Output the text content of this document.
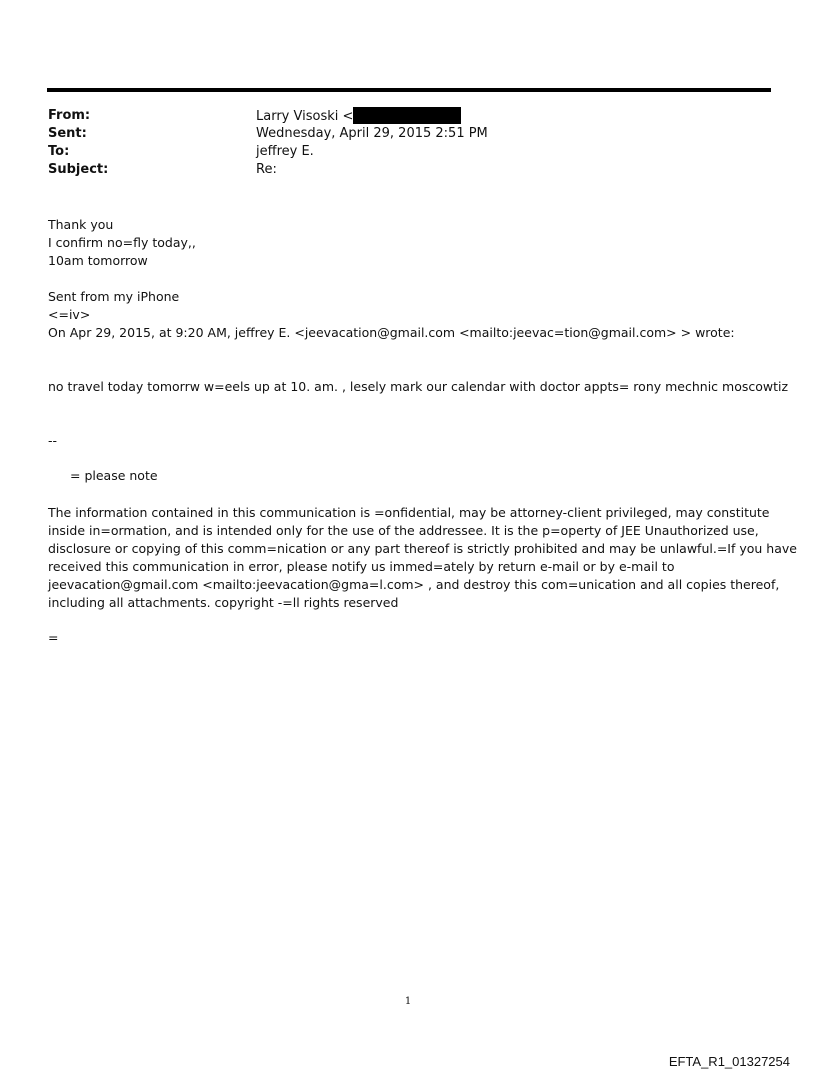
From:	Larry Visoski <
Sent:	Wednesday, April 29, 2015 2:51 PM
To:	jeffrey E.
Subject:	Re:
Thank you
I confirm no=fly today,,
10am tomorrow
Sent from my iPhone
<=iv>
On Apr 29, 2015, at 9:20 AM, jeffrey E. <jeevacation@gmail.com <mailto:jeevac=tion@gmail.com> > wrote:
no travel today tomorrw w=eels up at 10. am. , lesely mark our calendar with doctor appts= rony mechnic moscowtiz
--
= please note
The information contained in this communication is =onfidential, may be attorney-client privileged, may constitute
inside in=ormation, and is intended only for the use of the addressee. It is the p=operty of JEE Unauthorized use,
disclosure or copying of this comm=nication or any part thereof is strictly prohibited and may be unlawful.=If you have
received this communication in error, please notify us immed=ately by return e-mail or by e-mail to
jeevacation@gmail.com <mailto:jeevacation@gma=l.com> , and destroy this com=unication and all copies thereof,
including all attachments. copyright -=ll rights reserved
=
1
EFTA_R1_01327254
